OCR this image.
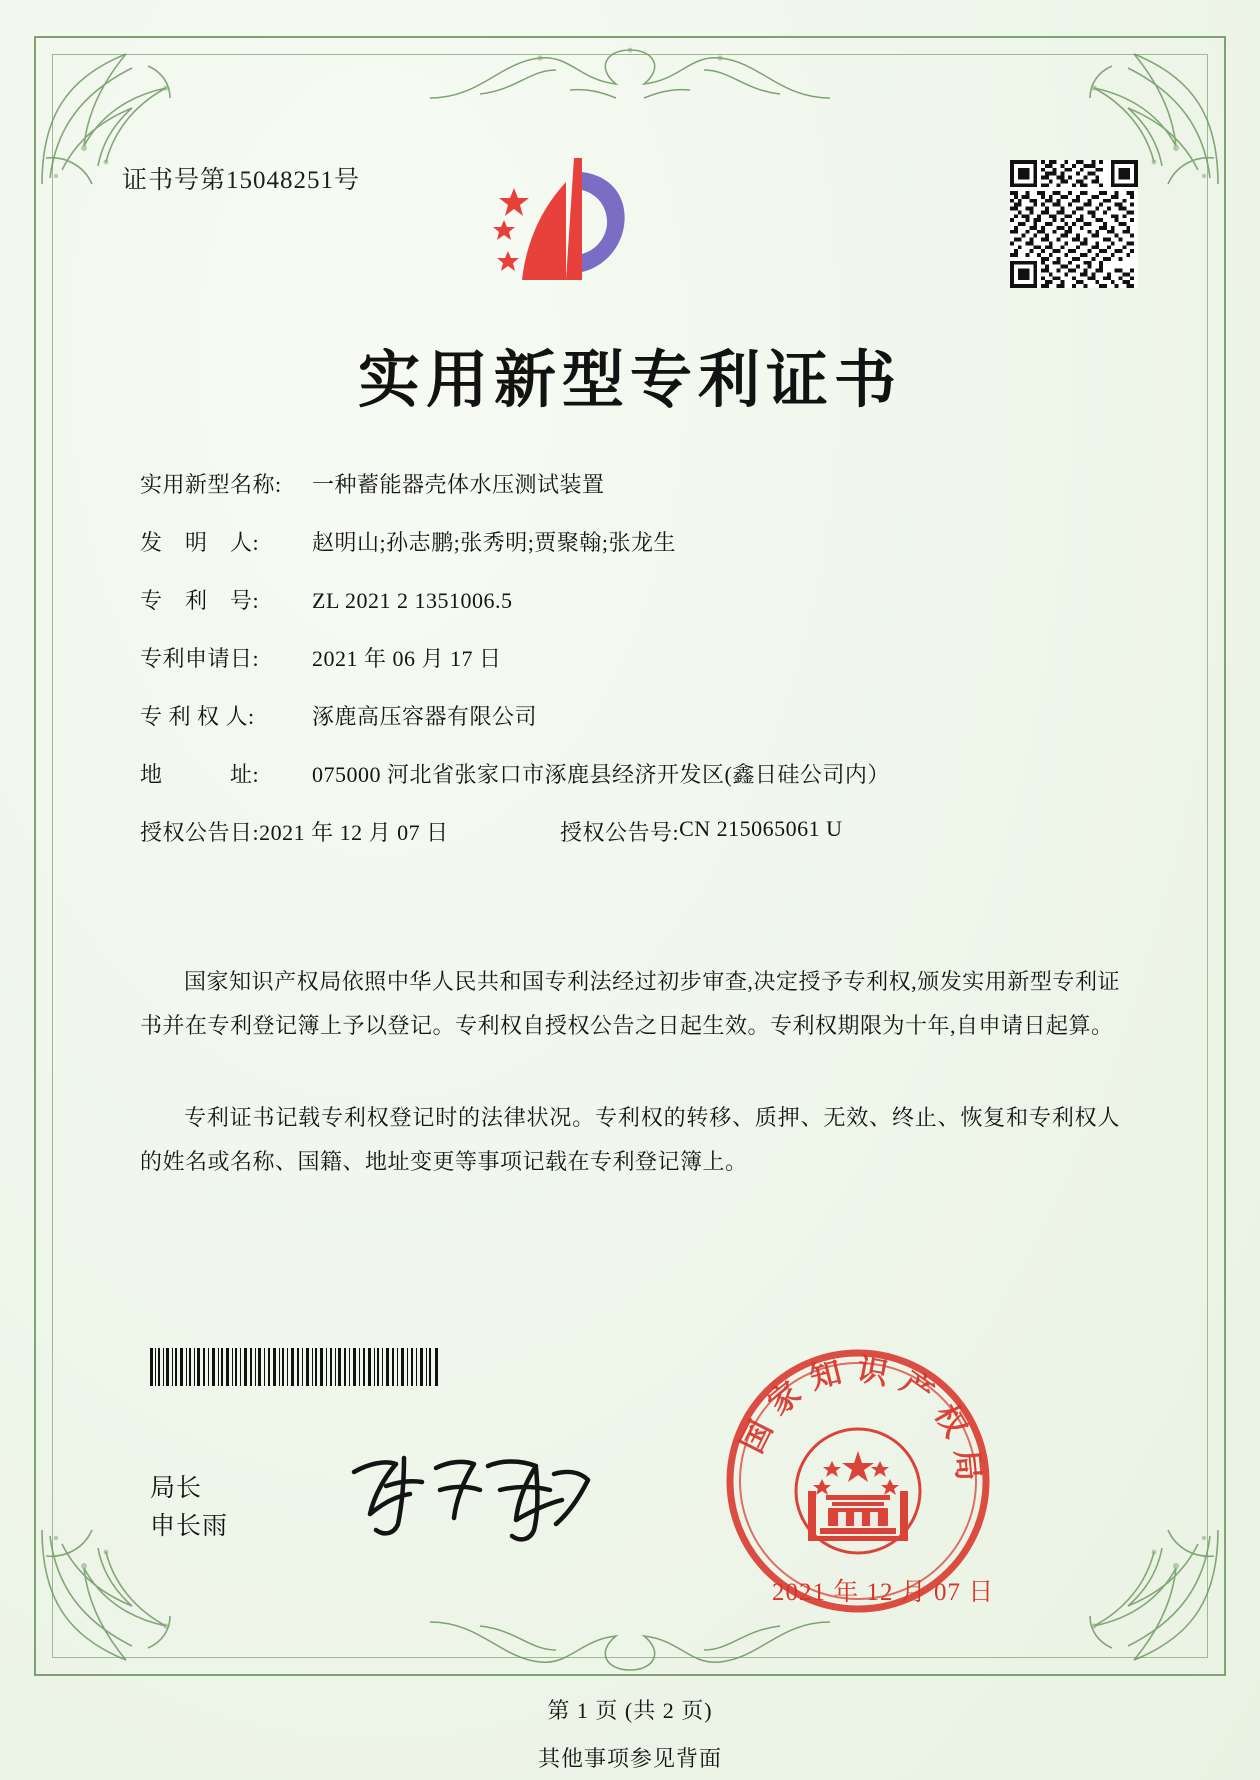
证书号第15048251号
实用新型专利证书
实用新型名称:	一种蓄能器壳体水压测试装置
发　明　人:	赵明山;孙志鹏;张秀明;贾聚翰;张龙生
专　利　号:	ZL 2021 2 1351006.5
专利申请日:	2021 年 06 月 17 日
专 利 权 人:	涿鹿高压容器有限公司
地　　　址:	075000 河北省张家口市涿鹿县经济开发区(鑫日硅公司内）
授权公告日: 2021 年 12 月 07 日	授权公告号: CN 215065061 U
国家知识产权局依照中华人民共和国专利法经过初步审查,决定授予专利权,颁发实用新型专利证书并在专利登记簿上予以登记。专利权自授权公告之日起生效。专利权期限为十年,自申请日起算。
专利证书记载专利权登记时的法律状况。专利权的转移、质押、无效、终止、恢复和专利权人的姓名或名称、国籍、地址变更等事项记载在专利登记簿上。
局长
申长雨
国家知识产权局
2021 年 12 月 07 日
第 1 页 (共 2 页)
其他事项参见背面
